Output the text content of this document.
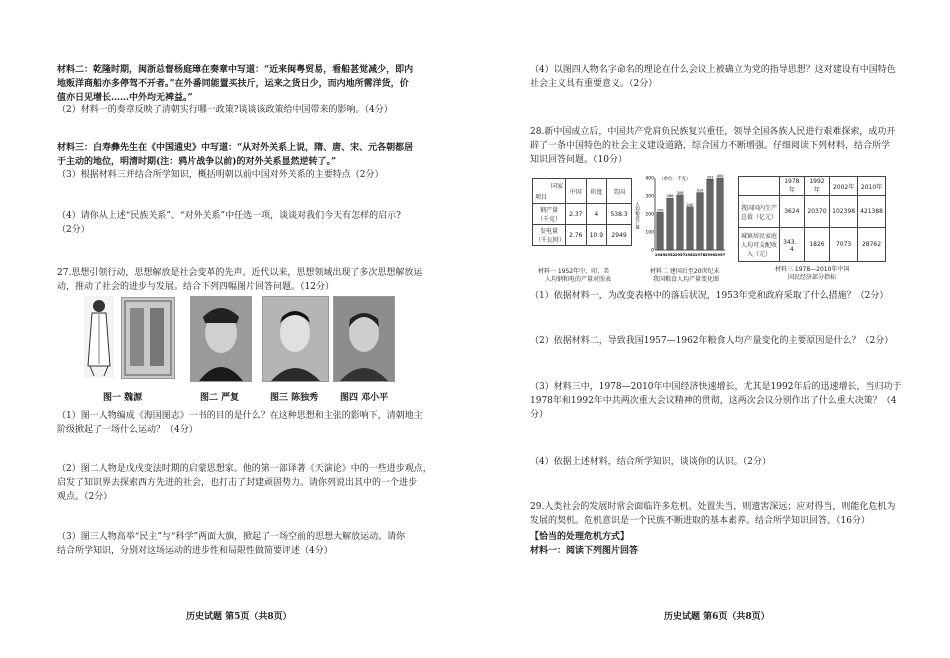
材料二：乾隆时期，闽浙总督杨庭璋在奏章中写道：“近来闽粤贸易，看船甚觉减少，即内

地贩洋商船亦多停驾不开者。”在外番同能置买扶斤，运来之货日少，而内地所需洋货，价

值亦日见增长……中外均无裨益。”

（2）材料一的奏章反映了清朝实行哪一政策?谈谈该政策给中国带来的影响。（4分）

材料三：白寿彝先生在《中国通史》中写道：“从对外关系上说，隋、唐、宋、元各朝都居

于主动的地位，明清时期(注：鸦片战争以前)的对外关系显然逆转了。”

（3）根据材料三并结合所学知识，概括明朝以前中国对外关系的主要特点（2分）

（4）请你从上述“民族关系”、“对外关系”中任选一项，谈谈对我们今天有怎样的启示?

（2分）

27.思想引领行动，思想解放是社会变革的先声。近代以来，思想领域出现了多次思想解放运

动，推动了社会的进步与发展。结合下列四幅图片回答问题。（12分）

图一 魏源	图二 严复	图三 陈独秀 图四 邓小平

（1）图一人物编成《海国图志》一书的目的是什么？在这种思想和主张的影响下，清朝地主

阶级掀起了一场什么运动？（4分）

（2）图二人物是戊戌变法时期的启蒙思想家。他的第一部译著《天演论》中的一些进步观点，

启发了知识界去探索西方先进的社会，也打击了封建顽固势力。请你列说出其中的一个进步

观点。（2分）

（3）图三人物高举“民主”与“科学”两面大旗，掀起了一场空前的思想大解放运动。请你

结合所学知识，分别对这场运动的进步性和局限性做简要评述（4分）

历史试题 第5页（共8页）

（4）以图四人物名字命名的理论在什么会议上被确立为党的指导思想？这对建设有中国特色

社会主义具有重要意义。（2分）

28.新中国成立后，中国共产党肩负民族复兴重任，领导全国各族人民进行艰难探索，成功开

辟了一条中国特色的社会主义建设道路，综合国力不断增强。仔细阅读下列材料，结合所学

知识回答问题。（10分）

国家
项目	中国	印度	美国
钢产量（千克）	2.37	4	538.3
发电量（千瓦时）	2.76	10.9	2949
材料一 1952年中、印、美
人均钢和电的产量对照表
（单位：千克）
人均粮食产量
0
100
200
300
400
209
1949
288
1952
306
1957
240
1962
319
1978
393
1990
400
1997
材料二 建国后至20世纪末
我国粮食人均产量变化图
	1978年	1992年	2002年	2010年
我国国内生产总值（亿元）	3624	20370	102398	421388
城镇居民家庭人均可支配收入（元）	343．4	1826	7073	28762
材料三 1978—2010年中国
国民经济部分指标

（1）依据材料一，为改变表格中的落后状况，1953年党和政府采取了什么措施？（2分）

（2）依据材料二，导致我国1957—1962年粮食人均产量变化的主要原因是什么？（2分）

（3）材料三中，1978—2010年中国经济快速增长，尤其是1992年后的迅速增长，当归功于

1978年和1992年中共两次重大会议精神的贯彻，这两次会议分别作出了什么重大决策？（4

分）

（4）依据上述材料，结合所学知识，谈谈你的认识。（2分）

29.人类社会的发展时常会面临许多危机。处置失当，则遗害深远；应对得当，则能化危机为

发展的契机。危机意识是一个民族不断进取的基本素养。结合所学知识回答。（16分）

【恰当的处理危机方式】

材料一：阅读下列图片回答

历史试题 第6页（共8页）
